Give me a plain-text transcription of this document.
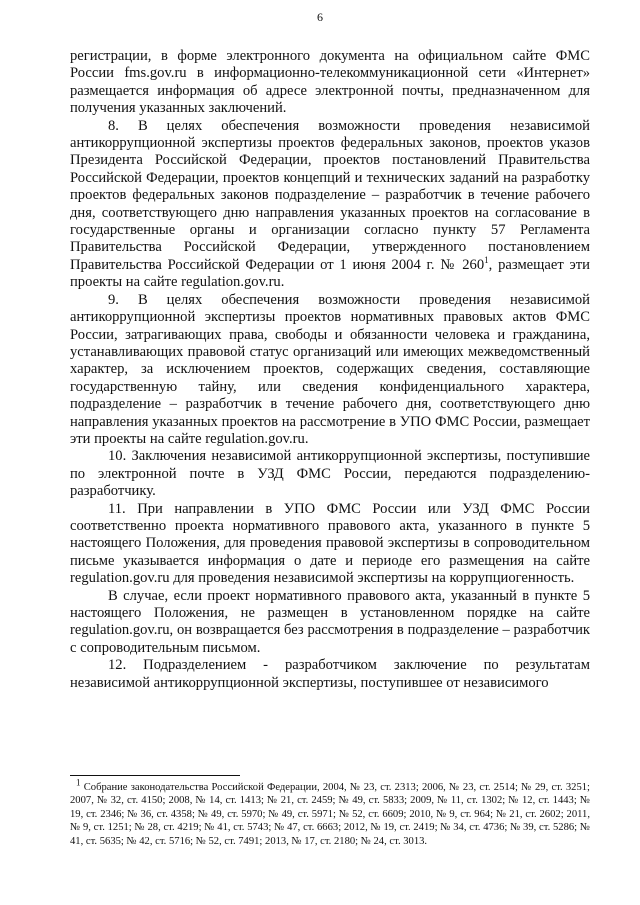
6

регистрации, в форме электронного документа на официальном сайте ФМС России fms.gov.ru в информационно-телекоммуникационной сети «Интернет» размещается информация об адресе электронной почты, предназначенном для получения указанных заключений.

8. В целях обеспечения возможности проведения независимой антикоррупционной экспертизы проектов федеральных законов, проектов указов Президента Российской Федерации, проектов постановлений Правительства Российской Федерации, проектов концепций и технических заданий на разработку проектов федеральных законов подразделение – разработчик в течение рабочего дня, соответствующего дню направления указанных проектов на согласование в государственные органы и организации согласно пункту 57 Регламента Правительства Российской Федерации, утвержденного постановлением Правительства Российской Федерации от 1 июня 2004 г. № $260^1$, размещает эти проекты на сайте regulation.gov.ru.

9. В целях обеспечения возможности проведения независимой антикоррупционной экспертизы проектов нормативных правовых актов ФМС России, затрагивающих права, свободы и обязанности человека и гражданина, устанавливающих правовой статус организаций или имеющих межведомственный характер, за исключением проектов, содержащих сведения, составляющие государственную тайну, или сведения конфиденциального характера, подразделение – разработчик в течение рабочего дня, соответствующего дню направления указанных проектов на рассмотрение в УПО ФМС России, размещает эти проекты на сайте regulation.gov.ru.

10. Заключения независимой антикоррупционной экспертизы, поступившие по электронной почте в УЗД ФМС России, передаются подразделению-разработчику.

11. При направлении в УПО ФМС России или УЗД ФМС России соответственно проекта нормативного правового акта, указанного в пункте 5 настоящего Положения, для проведения правовой экспертизы в сопроводительном письме указывается информация о дате и периоде его размещения на сайте regulation.gov.ru для проведения независимой экспертизы на коррупциогенность.

В случае, если проект нормативного правового акта, указанный в пункте 5 настоящего Положения, не размещен в установленном порядке на сайте regulation.gov.ru, он возвращается без рассмотрения в подразделение – разработчик с сопроводительным письмом.

12. Подразделением - разработчиком заключение по результатам независимой антикоррупционной экспертизы, поступившее от независимого

$^1$ Собрание законодательства Российской Федерации, 2004, № 23, ст. 2313; 2006, № 23, ст. 2514; № 29, ст. 3251; 2007, № 32, ст. 4150; 2008, № 14, ст. 1413; № 21, ст. 2459; № 49, ст. 5833; 2009, № 11, ст. 1302; № 12, ст. 1443; № 19, ст. 2346; № 36, ст. 4358; № 49, ст. 5970; № 49, ст. 5971; № 52, ст. 6609; 2010, № 9, ст. 964; № 21, ст. 2602; 2011, № 9, ст. 1251; № 28, ст. 4219; № 41, ст. 5743; № 47, ст. 6663; 2012, № 19, ст. 2419; № 34, ст. 4736; № 39, ст. 5286; № 41, ст. 5635; № 42, ст. 5716; № 52, ст. 7491; 2013, № 17, ст. 2180; № 24, ст. 3013.
